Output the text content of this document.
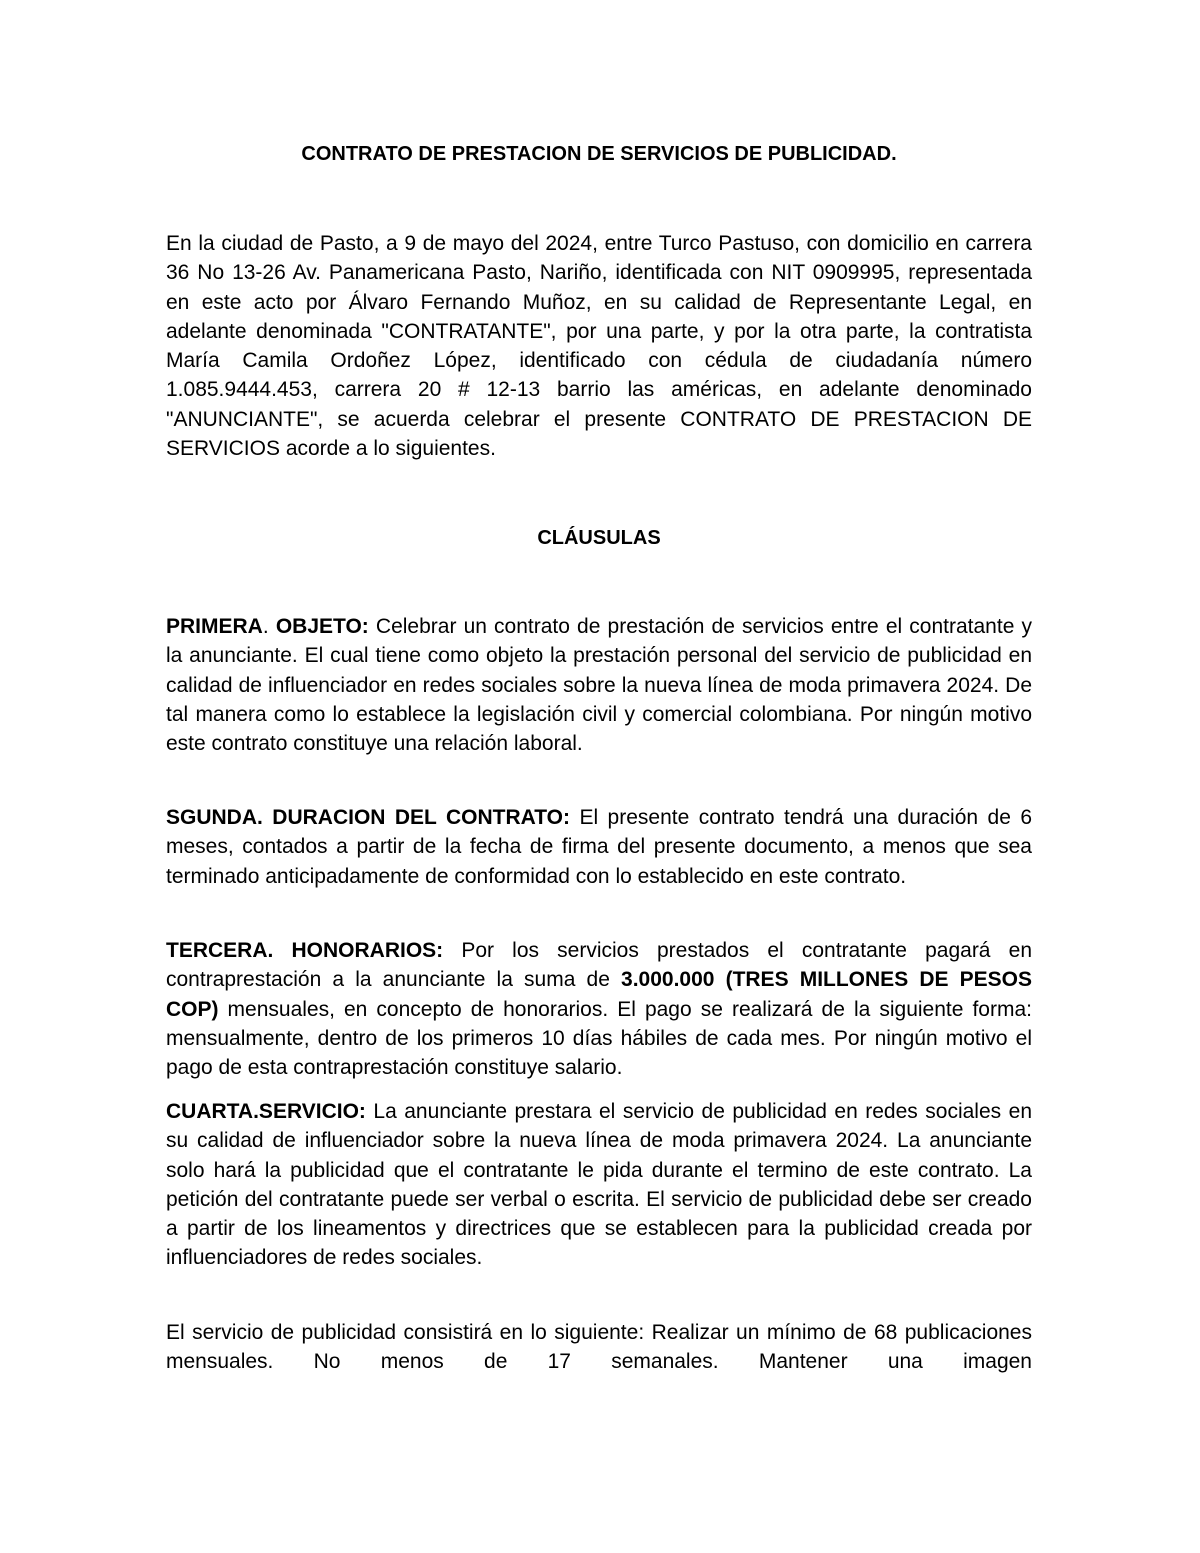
CONTRATO DE PRESTACION DE SERVICIOS DE PUBLICIDAD.

En la ciudad de Pasto, a 9 de mayo del 2024, entre Turco Pastuso, con domicilio en carrera 36 No 13-26 Av. Panamericana Pasto, Nariño, identificada con NIT 0909995, representada en este acto por Álvaro Fernando Muñoz, en su calidad de Representante Legal, en adelante denominada "CONTRATANTE", por una parte, y por la otra parte, la contratista María Camila Ordoñez López, identificado con cédula de ciudadanía número 1.085.9444.453, carrera 20 # 12-13 barrio las américas, en adelante denominado "ANUNCIANTE", se acuerda celebrar el presente CONTRATO DE PRESTACION DE SERVICIOS acorde a lo siguientes.

CLÁUSULAS

PRIMERA. OBJETO: Celebrar un contrato de prestación de servicios entre el contratante y la anunciante. El cual tiene como objeto la prestación personal del servicio de publicidad en calidad de influenciador en redes sociales sobre la nueva línea de moda primavera 2024. De tal manera como lo establece la legislación civil y comercial colombiana. Por ningún motivo este contrato constituye una relación laboral.

SGUNDA. DURACION DEL CONTRATO: El presente contrato tendrá una duración de 6 meses, contados a partir de la fecha de firma del presente documento, a menos que sea terminado anticipadamente de conformidad con lo establecido en este contrato.

TERCERA. HONORARIOS: Por los servicios prestados el contratante pagará en contraprestación a la anunciante la suma de 3.000.000 (TRES MILLONES DE PESOS COP) mensuales, en concepto de honorarios. El pago se realizará de la siguiente forma: mensualmente, dentro de los primeros 10 días hábiles de cada mes. Por ningún motivo el pago de esta contraprestación constituye salario.

CUARTA.SERVICIO: La anunciante prestara el servicio de publicidad en redes sociales en su calidad de influenciador sobre la nueva línea de moda primavera 2024. La anunciante solo hará la publicidad que el contratante le pida durante el termino de este contrato. La petición del contratante puede ser verbal o escrita. El servicio de publicidad debe ser creado a partir de los lineamentos y directrices que se establecen para la publicidad creada por influenciadores de redes sociales.

El servicio de publicidad consistirá en lo siguiente: Realizar un mínimo de 68 publicaciones mensuales. No menos de 17 semanales. Mantener una imagen
